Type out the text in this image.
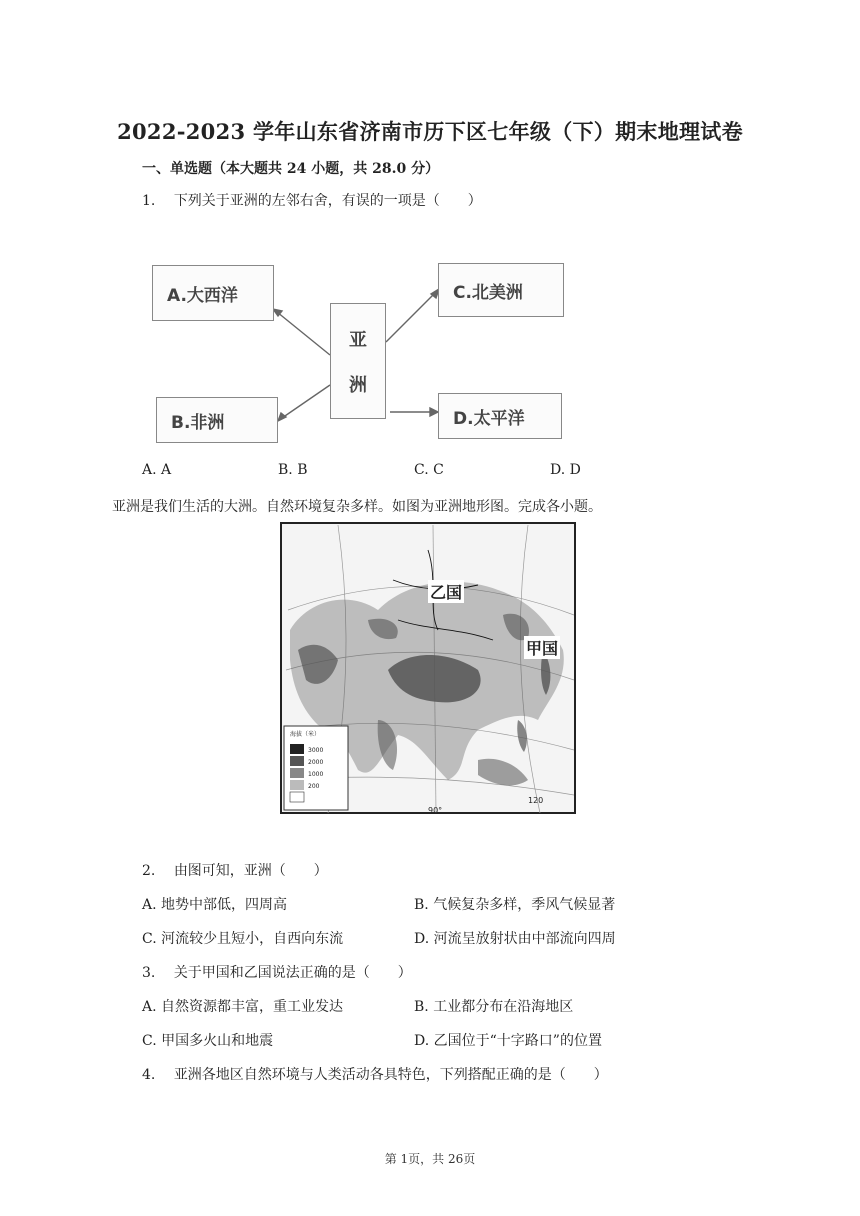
2022-2023 学年山东省济南市历下区七年级（下）期末地理试卷
一、单选题（本大题共 24 小题，共 28.0 分）
1. 下列关于亚洲的左邻右舍，有误的一项是（　　）
A.大西洋
B.非洲
亚
洲
C.北美洲
D.太平洋
A. A	B. B	C. C	D. D
亚洲是我们生活的大洲。自然环境复杂多样。如图为亚洲地形图。完成各小题。
乙国
甲国
90°
120
海拔（米）
3000
2000
1000
200
2. 由图可知，亚洲（　　）
A. 地势中部低，四周高	B. 气候复杂多样，季风气候显著
C. 河流较少且短小，自西向东流	D. 河流呈放射状由中部流向四周
3. 关于甲国和乙国说法正确的是（　　）
A. 自然资源都丰富，重工业发达	B. 工业都分布在沿海地区
C. 甲国多火山和地震	D. 乙国位于“十字路口”的位置
4. 亚洲各地区自然环境与人类活动各具特色，下列搭配正确的是（　　）
第 1页，共 26页
